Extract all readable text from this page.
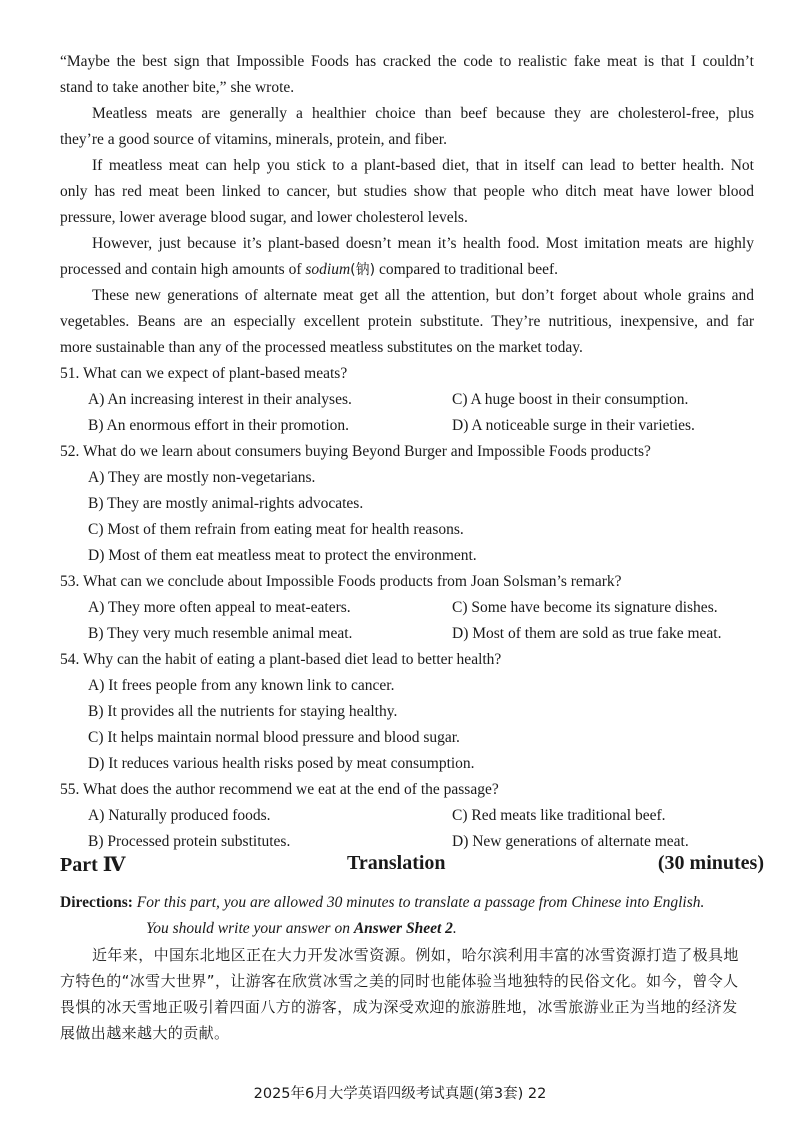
“Maybe the best sign that Impossible Foods has cracked the code to realistic fake meat is that I couldn’t
stand to take another bite,” she wrote.
Meatless meats are generally a healthier choice than beef because they are cholesterol-free, plus
they’re a good source of vitamins, minerals, protein, and fiber.
If meatless meat can help you stick to a plant-based diet, that in itself can lead to better health. Not
only has red meat been linked to cancer, but studies show that people who ditch meat have lower blood
pressure, lower average blood sugar, and lower cholesterol levels.
However, just because it’s plant-based doesn’t mean it’s health food. Most imitation meats are highly
processed and contain high amounts of sodium(钠) compared to traditional beef.
These new generations of alternate meat get all the attention, but don’t forget about whole grains and
vegetables. Beans are an especially excellent protein substitute. They’re nutritious, inexpensive, and far
more sustainable than any of the processed meatless substitutes on the market today.
51. What can we expect of plant-based meats?
A) An increasing interest in their analyses.
B) An enormous effort in their promotion.
C) A huge boost in their consumption.
D) A noticeable surge in their varieties.
52. What do we learn about consumers buying Beyond Burger and Impossible Foods products?
A) They are mostly non-vegetarians.
B) They are mostly animal-rights advocates.
C) Most of them refrain from eating meat for health reasons.
D) Most of them eat meatless meat to protect the environment.
53. What can we conclude about Impossible Foods products from Joan Solsman’s remark?
A) They more often appeal to meat-eaters.
B) They very much resemble animal meat.
C) Some have become its signature dishes.
D) Most of them are sold as true fake meat.
54. Why can the habit of eating a plant-based diet lead to better health?
A) It frees people from any known link to cancer.
B) It provides all the nutrients for staying healthy.
C) It helps maintain normal blood pressure and blood sugar.
D) It reduces various health risks posed by meat consumption.
55. What does the author recommend we eat at the end of the passage?
A) Naturally produced foods.
B) Processed protein substitutes.
C) Red meats like traditional beef.
D) New generations of alternate meat.
Part Ⅳ	Translation	(30 minutes)
Directions: For this part, you are allowed 30 minutes to translate a passage from Chinese into English.
You should write your answer on Answer Sheet 2.
近年来，中国东北地区正在大力开发冰雪资源。例如，哈尔滨利用丰富的冰雪资源打造了极具地
方特色的“冰雪大世界”，让游客在欣赏冰雪之美的同时也能体验当地独特的民俗文化。如今，曾令人
畏惧的冰天雪地正吸引着四面八方的游客，成为深受欢迎的旅游胜地，冰雪旅游业正为当地的经济发
展做出越来越大的贡献。
2025年6月大学英语四级考试真题(第3套) 22
